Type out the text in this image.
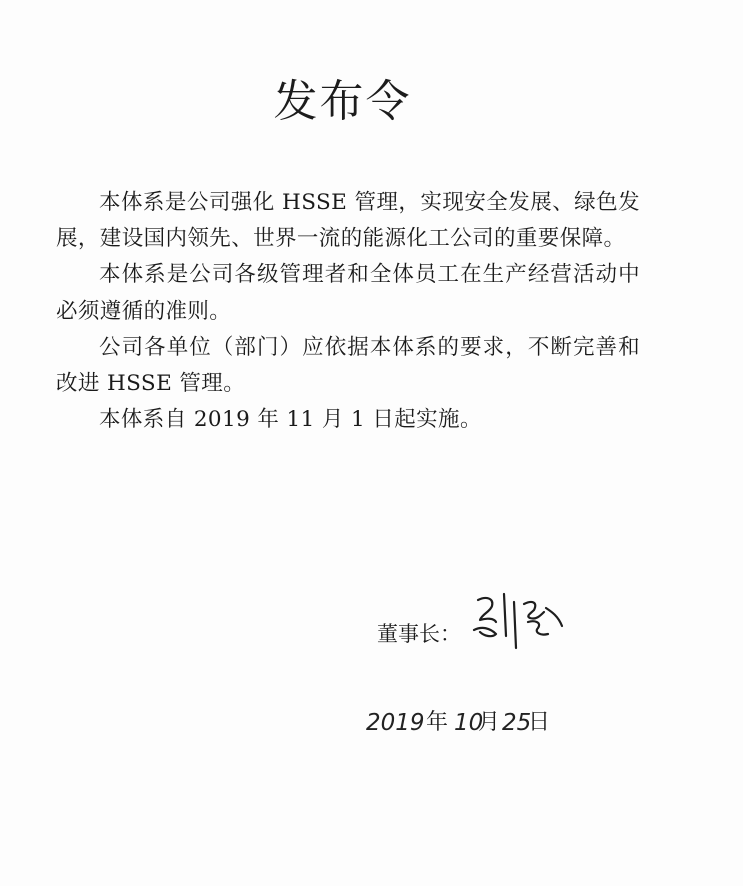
发布令

本体系是公司强化 HSSE 管理，实现安全发展、绿色发展，建设国内领先、世界一流的能源化工公司的重要保障。

本体系是公司各级管理者和全体员工在生产经营活动中必须遵循的准则。

公司各单位（部门）应依据本体系的要求，不断完善和改进 HSSE 管理。

本体系自 2019 年 11 月 1 日起实施。

董事长：
2019 年 10
月 25
日
